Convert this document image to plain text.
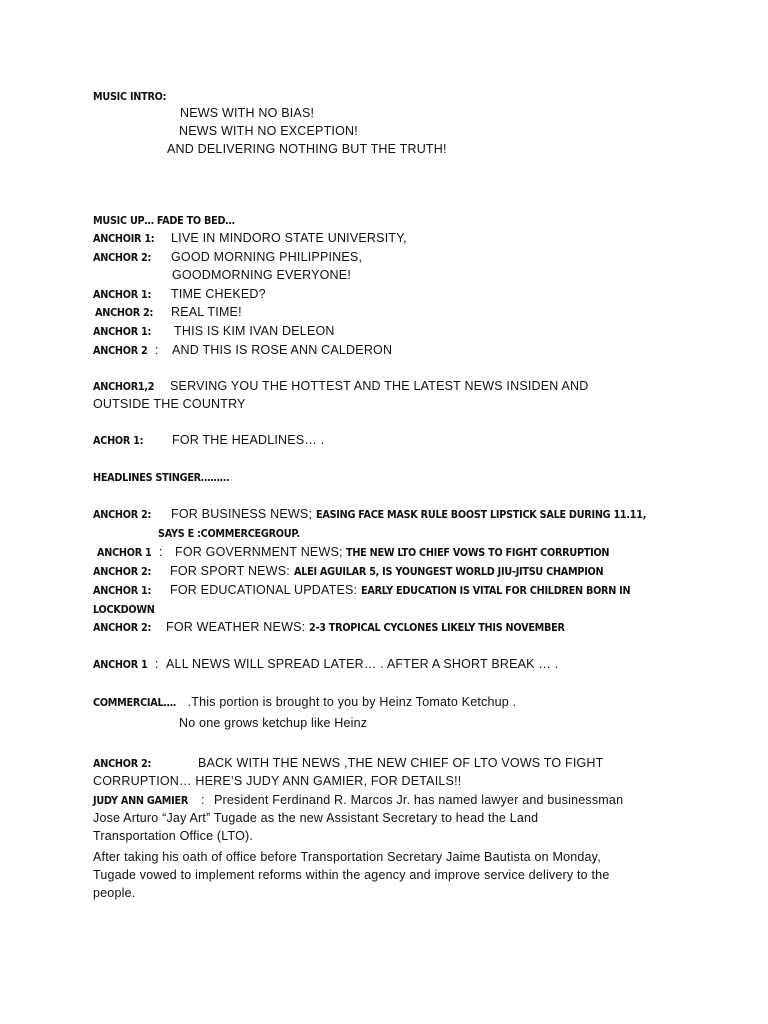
MUSIC INTRO:
NEWS WITH NO BIAS!
NEWS WITH NO EXCEPTION!
AND DELIVERING NOTHING BUT THE TRUTH!
MUSIC UP… FADE TO BED…
ANCHOIR 1:	LIVE IN MINDORO STATE UNIVERSITY,
ANCHOR 2:	GOOD MORNING PHILIPPINES,
GOODMORNING EVERYONE!
ANCHOR 1:	TIME CHEKED?
ANCHOR 2:	REAL TIME!
ANCHOR 1:	THIS IS KIM IVAN DELEON
ANCHOR 2 : AND THIS IS ROSE ANN CALDERON
ANCHOR1,2	SERVING YOU THE HOTTEST AND THE LATEST NEWS INSIDEN AND
OUTSIDE THE COUNTRY
ACHOR 1:	FOR THE HEADLINES… .
HEADLINES STINGER………
ANCHOR 2:	FOR BUSINESS NEWS; EASING FACE MASK RULE BOOST LIPSTICK SALE DURING 11.11,
SAYS E :COMMERCEGROUP.
ANCHOR 1 : FOR GOVERNMENT NEWS; THE NEW LTO CHIEF VOWS TO FIGHT CORRUPTION
ANCHOR 2:	FOR SPORT NEWS: ALEI AGUILAR 5, IS YOUNGEST WORLD JIU-JITSU CHAMPION
ANCHOR 1:	FOR EDUCATIONAL UPDATES: EARLY EDUCATION IS VITAL FOR CHILDREN BORN IN
LOCKDOWN
ANCHOR 2:	FOR WEATHER NEWS: 2-3 TROPICAL CYCLONES LIKELY THIS NOVEMBER
ANCHOR 1 : ALL NEWS WILL SPREAD LATER… . AFTER A SHORT BREAK … .
COMMERCIAL…. .This portion is brought to you by Heinz Tomato Ketchup .
No one grows ketchup like Heinz
ANCHOR 2:	BACK WITH THE NEWS ,THE NEW CHIEF OF LTO VOWS TO FIGHT
CORRUPTION… HERE’S JUDY ANN GAMIER, FOR DETAILS!!
JUDY ANN GAMIER : President Ferdinand R. Marcos Jr. has named lawyer and businessman
Jose Arturo “Jay Art” Tugade as the new Assistant Secretary to head the Land
Transportation Office (LTO).
After taking his oath of office before Transportation Secretary Jaime Bautista on Monday,
Tugade vowed to implement reforms within the agency and improve service delivery to the
people.
